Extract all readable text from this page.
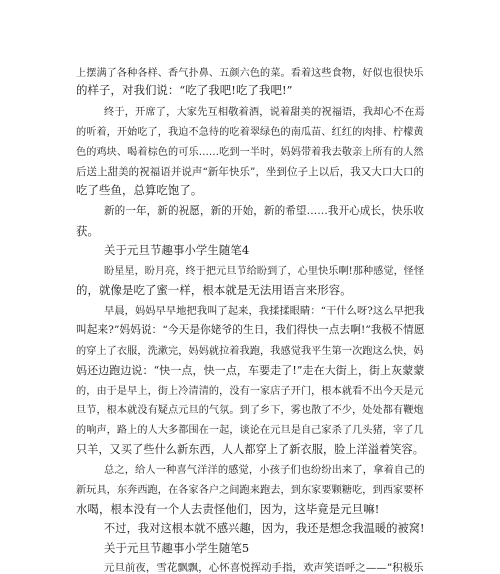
上摆满了各种各样、香气扑鼻、五颜六色的菜。看着这些食物，好似也很快乐
的样子，对我们说：“吃了我吧!吃了我吧!”
终于，开席了，大家先互相敬着酒，说着甜美的祝福语，我却心不在焉
的听着，开始吃了，我迫不急待的吃着翠绿色的南瓜苗、红红的肉排、柠檬黄
色的鸡块、喝着棕色的可乐……吃到一半时，妈妈带着我去敬亲上所有的人然
后送上甜美的祝福语并说声“新年快乐”，坐到位子上以后，我又大口大口的
吃了些鱼，总算吃饱了。
新的一年，新的祝愿，新的开始，新的希望……我开心成长，快乐收
获。
关于元旦节趣事小学生随笔4
盼星星，盼月亮，终于把元旦节给盼到了，心里快乐啊!那种感觉，怪怪
的，就像是吃了蜜一样，根本就是无法用语言来形容。
早晨，妈妈早早地把我叫了起来，我揉揉眼睛：“干什么呀?这么早把我
叫起来?”妈妈说：“今天是你姥爷的生日，我们得快一点去啊!”我极不情愿
的穿上了衣服，洗漱完，妈妈就拉着我跑，我感觉我平生第一次跑这么快，妈
妈还边跑边说：“快一点，快一点，车要走了!”走在大街上，街上灰蒙蒙
的，由于是早上，街上冷清清的，没有一家店子开门，根本就看不出今天是元
旦节，根本就没有疑点元旦的气氛。到了乡下，雾也散了不少，处处都有鞭炮
的响声，路上的人大多都围在一起，谈论在元旦是自己家杀了几头猪，宰了几
只羊，又买了些什么新东西，人人都穿上了新衣服，脸上洋溢着笑容。
总之，给人一种喜气洋洋的感觉，小孩子们也纷纷出来了，拿着自己的
新玩具，东奔西跑，在各家各户之间跑来跑去，到东家要颗糖吃，到西家要杯
水喝，根本没有一个人去责怪他们，因为，这毕竟是元旦嘛!
不过，我对这根本就不感兴趣，因为，我还是想念我温暖的被窝!
关于元旦节趣事小学生随笔5
元旦前夜，雪花飘飘，心怀喜悦挥动手指，欢声笑语呼之——”积极乐
